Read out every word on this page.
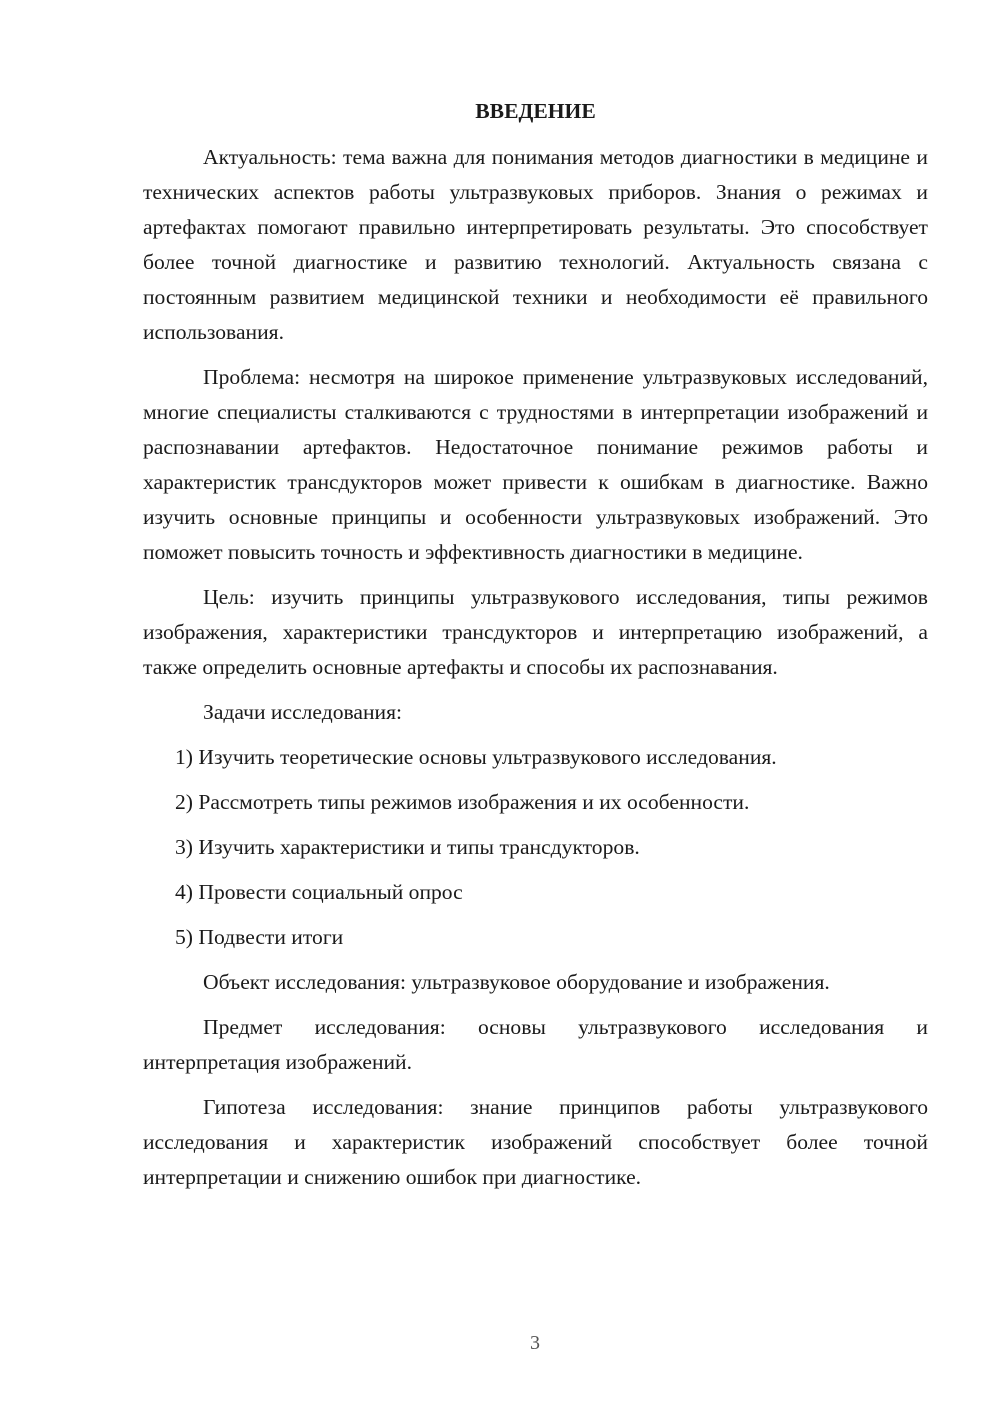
ВВЕДЕНИЕ

Актуальность: тема важна для понимания методов диагностики в медицине и технических аспектов работы ультразвуковых приборов. Знания о режимах и артефактах помогают правильно интерпретировать результаты. Это способствует более точной диагностике и развитию технологий. Актуальность связана с постоянным развитием медицинской техники и необходимости её правильного использования.

Проблема: несмотря на широкое применение ультразвуковых исследований, многие специалисты сталкиваются с трудностями в интерпретации изображений и распознавании артефактов. Недостаточное понимание режимов работы и характеристик трансдукторов может привести к ошибкам в диагностике. Важно изучить основные принципы и особенности ультразвуковых изображений. Это поможет повысить точность и эффективность диагностики в медицине.

Цель: изучить принципы ультразвукового исследования, типы режимов изображения, характеристики трансдукторов и интерпретацию изображений, а также определить основные артефакты и способы их распознавания.

Задачи исследования:

1) Изучить теоретические основы ультразвукового исследования.

2) Рассмотреть типы режимов изображения и их особенности.

3) Изучить характеристики и типы трансдукторов.

4) Провести социальный опрос

5) Подвести итоги

Объект исследования: ультразвуковое оборудование и изображения.

Предмет исследования: основы ультразвукового исследования и интерпретация изображений.

Гипотеза исследования: знание принципов работы ультразвукового исследования и характеристик изображений способствует более точной интерпретации и снижению ошибок при диагностике.

3
